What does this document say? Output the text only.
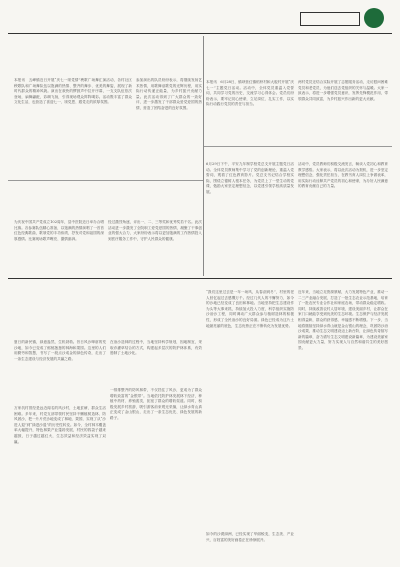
本报讯　五峰镇近日开展“庆七一颂党情”秧歌广场舞汇演活动，各村社区秧歌队和广场舞队伍以饱满的热情、整齐的舞步、优美的舞姿，展现了新时代群众的精神风貌。演出在欢快的锣鼓声中拉开序幕，一支支队伍依次登场，扇舞翩跹，彩绸飞扬，引得现场观众阵阵喝彩。活动既丰富了群众文化生活，也营造了喜迎七一、颂党恩、跟党走的浓厚氛围。
参加演出的队员纷纷表示，将继续发扬艺术热情，用歌舞讴歌党的光辉历程，用实际行动传递正能量，为乡村振兴贡献力量。此次活动得到了广大群众的一致好评，进一步激发了干部群众爱党爱国的热情，营造了团结奋进的良好氛围。
本报讯　6月28日，镇坝营红镇稻虾村和大板村开展“庆七一”主题党日活动。活动中，全体党员重温入党誓词，共同学习党的历史，交流学习心得体会。党员们纷纷表示，要牢记初心使命，立足岗位、扎实工作，以实际行动践行党员的责任与担当。
两村党员还结合实际开展了志愿服务活动，走访慰问困难党员和老党员，为他们送去党组织的关怀与温暖。大家一致表示，将进一步增强党员意识，发挥先锋模范作用，带领群众共同致富，为乡村振兴作出新的更大贡献。
6月29日下午，平安九年制学校党总支开展主题党日活动。全体党员教师集中学习了党的创新理论，重温入党誓词，观看了红色教育影片。党总支书记结合学校实际，围绕立德树人根本任务，为党员上了一堂生动的党课，勉励大家坚定理想信念，以党建引领学校高质量发展。
活动中，党员教师们积极交流发言，畅谈入党初心和教育教学感悟。大家表示，将以此次活动为契机，进一步坚定理想信念，强化责任担当，在教书育人岗位上争做表率，用实际行动诠释共产党员的初心和使命，为办好人民满意的教育贡献自己的力量。
为庆祝中国共产党成立102周年，县中医院近日举办合唱比赛。各参赛队伍精心准备，以饱满的热情演唱了一首首红色经典歌曲，歌颂党的丰功伟绩，抒发对党和祖国的深厚感情。比赛现场歌声嘹亮、激情澎湃。
经过激烈角逐，评出一、二、三等奖和优秀奖若干名。此次活动进一步激发了全院职工爱党爱国的热情，凝聚了干事创业的强大合力，大家纷纷表示将以更加饱满的工作热情投入到医疗服务工作中，守护人民群众的健康。
夏日的新民镇，绿意盎然，生机勃勃。昔日风沙肆虐的荒沙地，如今已变成了郁郁葱葱的林海和果园。这里的人们用勤劳和智慧，书写了一段点沙成金的绿色传奇，走出了一条生态建设与经济发展的共赢之路。
万家坑村曾经是远近闻名的风沙村，土地贫瘠，群众生活困难。多年来，村党支部带领村民坚持不懈植树造林、防风固沙，把一片片荒沙地变成了林地、果园，实现了从“沙进人退”到“绿进沙退”的历史性转变。如今，全村林木覆盖率大幅提升，特色林果产业蓬勃发展，村民的钱袋子越来越鼓，日子越过越红火，生态效益和经济效益实现了双赢。
在治沙造林的过程中，当地坚持科学规划，因地制宜，采取乔灌草结合的方式，构建起多层次的防护林体系，有效遏制了土地沙化。
一排排整齐的防风林带，不仅挡住了风沙，更成为了群众增收致富的“金银带”。当地依托防护林发展林下经济，种植中药材、养殖禽类，拓宽了群众的增收渠道。同时，积极发展乡村旅游，吸引游客前来观光采摘，让绿水青山真正变成了金山银山，走出了一条生态优先、绿色发展的新路子。
“我们这里过去是一年一场风，从春刮到冬”，村里的老人回忆起过去感慨万千。经过几代人的不懈努力，如今的沙地已经变成了良田和林地。当地坚持把生态建设作为头等大事来抓，持续加大投入力度，科学组织实施防沙治沙工程，同时调动广大群众参与植树造林的积极性，形成了全民治沙的良好局面。绿色已经成为这片土地最亮丽的底色，生态优势正在不断转化为发展优势。
如今的沙漠绿洲，已经实现了华丽蜕变，生态美、产业兴、百姓富的美好画卷正在徐徐展开。
近年来，当地立足资源禀赋，大力发展特色产业，推动一二三产业融合发展，打造了一批生态农业示范基地，培育了一批农民专业合作社和家庭农场，带动群众稳定增收。同时，持续改善农村人居环境，建设美丽乡村，让群众在家门口就能享受到优美的生态环境。生态保护与经济发展相得益彰，群众的获得感、幸福感不断增强。下一步，当地将继续坚持绿水青山就是金山银山的理念，巩固防沙治沙成果，推动生态文明建设迈上新台阶，让绿色传奇续写新的篇章，奋力谱写生态文明建设新篇章，为建设美丽家园贡献更大力量，努力实现人与自然和谐共生的美好愿景。
